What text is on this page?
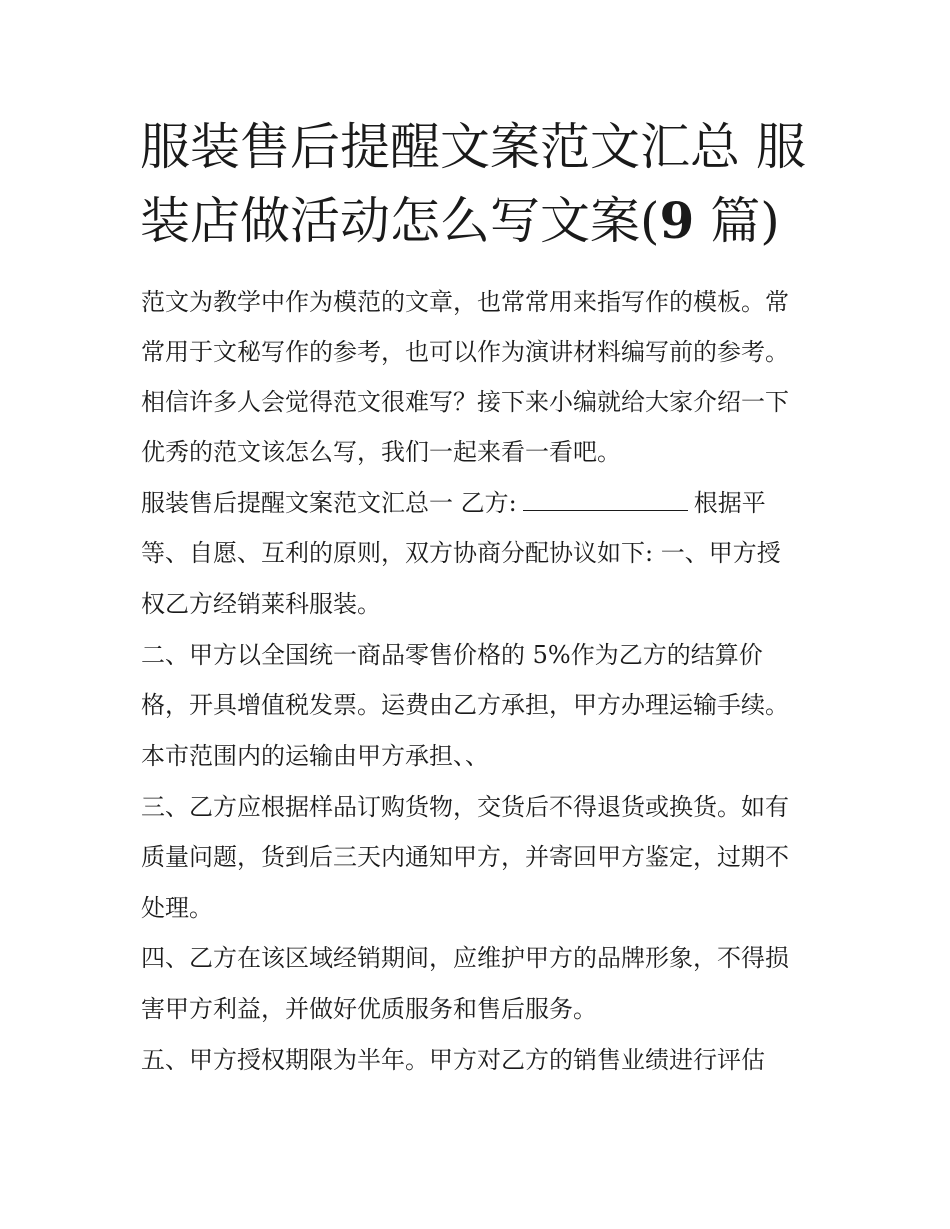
服装售后提醒文案范文汇总 服装店做活动怎么写文案(9 篇)

范文为教学中作为模范的文章，也常常用来指写作的模板。常

常用于文秘写作的参考，也可以作为演讲材料编写前的参考。

相信许多人会觉得范文很难写？接下来小编就给大家介绍一下

优秀的范文该怎么写，我们一起来看一看吧。

服装售后提醒文案范文汇总一 乙方:	根据平

等、自愿、互利的原则，双方协商分配协议如下: 一、甲方授

权乙方经销莱科服装。

二、甲方以全国统一商品零售价格的 5%作为乙方的结算价

格，开具增值税发票。运费由乙方承担，甲方办理运输手续。

本市范围内的运输由甲方承担、、

三、乙方应根据样品订购货物，交货后不得退货或换货。如有

质量问题，货到后三天内通知甲方，并寄回甲方鉴定，过期不

处理。

四、乙方在该区域经销期间，应维护甲方的品牌形象，不得损

害甲方利益，并做好优质服务和售后服务。

五、甲方授权期限为半年。甲方对乙方的销售业绩进行评估
